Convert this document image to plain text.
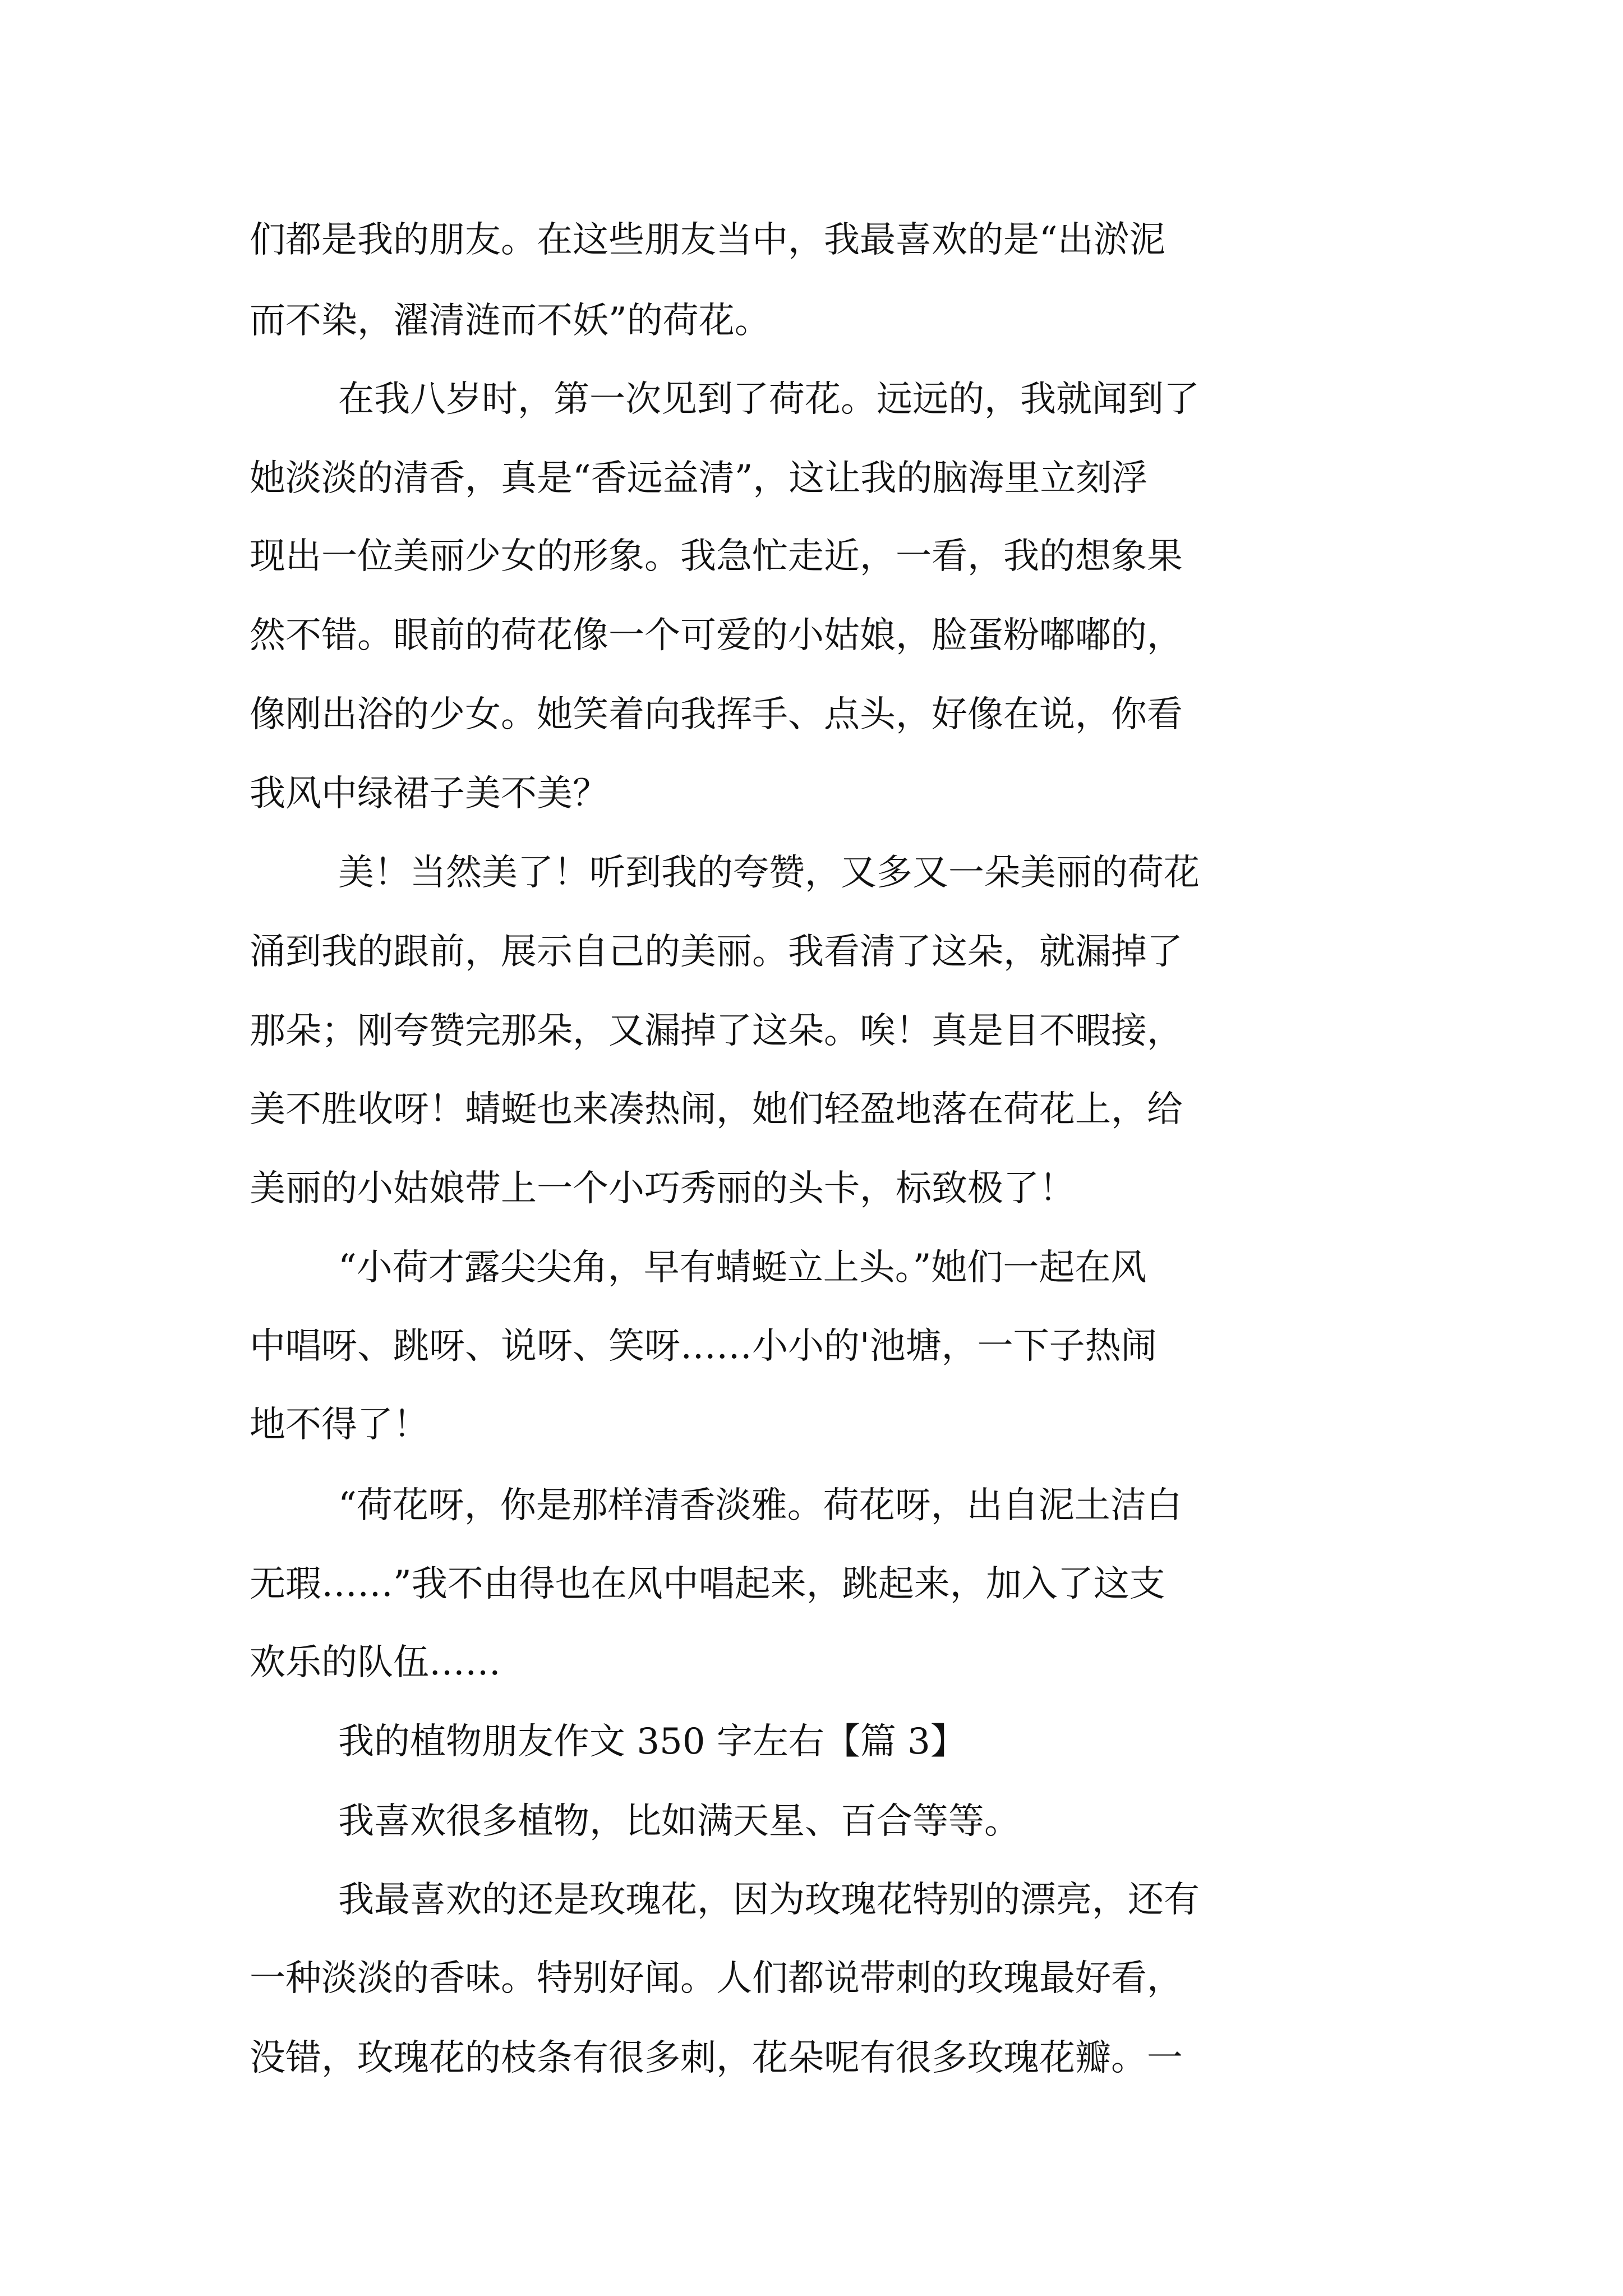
们都是我的朋友。在这些朋友当中，我最喜欢的是“出淤泥
而不染，濯清涟而不妖”的荷花。
在我八岁时，第一次见到了荷花。远远的，我就闻到了
她淡淡的清香，真是“香远益清”，这让我的脑海里立刻浮
现出一位美丽少女的形象。我急忙走近，一看，我的想象果
然不错。眼前的荷花像一个可爱的小姑娘，脸蛋粉嘟嘟的，
像刚出浴的少女。她笑着向我挥手、点头，好像在说，你看
我风中绿裙子美不美？
美！当然美了！听到我的夸赞，又多又一朵美丽的荷花
涌到我的跟前，展示自己的美丽。我看清了这朵，就漏掉了
那朵；刚夸赞完那朵，又漏掉了这朵。唉！真是目不暇接，
美不胜收呀！蜻蜓也来凑热闹，她们轻盈地落在荷花上，给
美丽的小姑娘带上一个小巧秀丽的头卡，标致极了！
“小荷才露尖尖角，早有蜻蜓立上头。”她们一起在风
中唱呀、跳呀、说呀、笑呀……小小的'池塘，一下子热闹
地不得了！
“荷花呀，你是那样清香淡雅。荷花呀，出自泥土洁白
无瑕……”我不由得也在风中唱起来，跳起来，加入了这支
欢乐的队伍……
我的植物朋友作文 350 字左右【篇 3】
我喜欢很多植物，比如满天星、百合等等。
我最喜欢的还是玫瑰花，因为玫瑰花特别的漂亮，还有
一种淡淡的香味。特别好闻。人们都说带刺的玫瑰最好看，
没错，玫瑰花的枝条有很多刺，花朵呢有很多玫瑰花瓣。一
